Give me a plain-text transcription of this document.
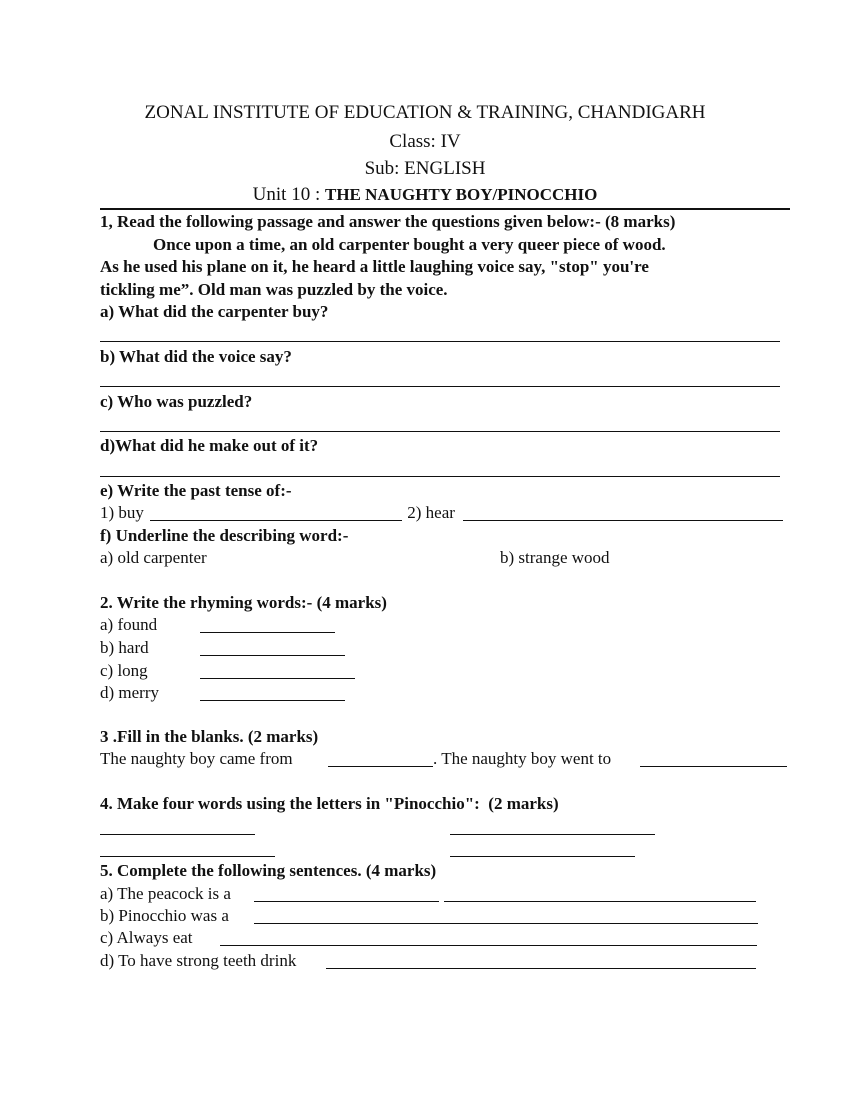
ZONAL INSTITUTE OF EDUCATION & TRAINING, CHANDIGARH
Class: IV
Sub: ENGLISH
Unit 10 : THE NAUGHTY BOY/PINOCCHIO
1, Read the following passage and answer the questions given below:- (8 marks)
Once upon a time, an old carpenter bought a very queer piece of wood.
As he used his plane on it, he heard a little laughing voice say, "stop" you're
tickling me”. Old man was puzzled by the voice.
a) What did the carpenter buy?
b) What did the voice say?
c) Who was puzzled?
d)What did he make out of it?
e) Write the past tense of:-
1) buy	2) hear
f) Underline the describing word:-
a) old carpenter	b) strange wood
2. Write the rhyming words:- (4 marks)
a) found
b) hard
c) long
d) merry
3 .Fill in the blanks. (2 marks)
The naughty boy came from	. The naughty boy went to
4. Make four words using the letters in "Pinocchio":  (2 marks)
5. Complete the following sentences. (4 marks)
a) The peacock is a
b) Pinocchio was a
c) Always eat
d) To have strong teeth drink
